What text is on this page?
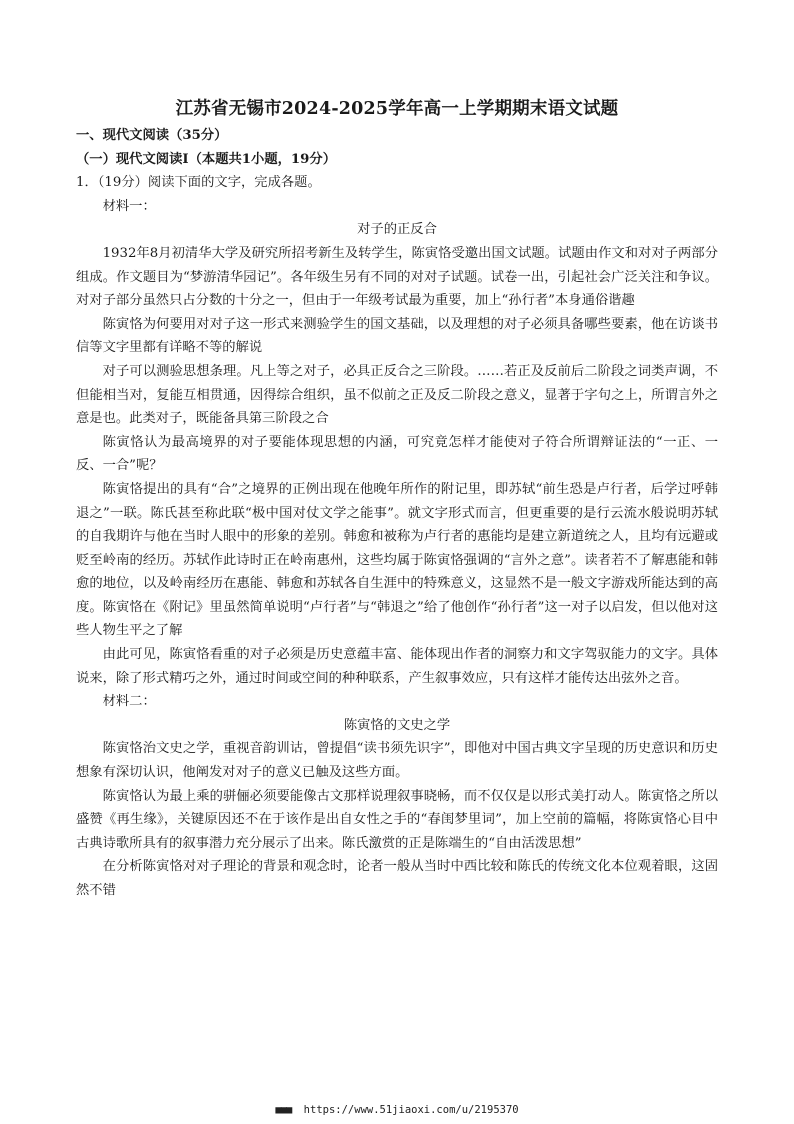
江苏省无锡市2024-2025学年高一上学期期末语文试题
一、现代文阅读（35分）
（一）现代文阅读Ⅰ（本题共1小题，19分）
1．（19分）阅读下面的文字，完成各题。
材料一：
对子的正反合

1932年8月初清华大学及研究所招考新生及转学生，陈寅恪受邀出国文试题。试题由作文和对对子两部分组成。作文题目为“梦游清华园记”。各年级生另有不同的对对子试题。试卷一出，引起社会广泛关注和争议。对对子部分虽然只占分数的十分之一，但由于一年级考试最为重要，加上“孙行者”本身通俗谐趣

陈寅恪为何要用对对子这一形式来测验学生的国文基础，以及理想的对子必须具备哪些要素，他在访谈书信等文字里都有详略不等的解说

对子可以测验思想条理。凡上等之对子，必具正反合之三阶段。……若正及反前后二阶段之词类声调，不但能相当对，复能互相贯通，因得综合组织，虽不似前之正及反二阶段之意义，显著于字句之上，所谓言外之意是也。此类对子，既能备具第三阶段之合

陈寅恪认为最高境界的对子要能体现思想的内涵，可究竟怎样才能使对子符合所谓辩证法的“一正、一反、一合”呢？

陈寅恪提出的具有“合”之境界的正例出现在他晚年所作的附记里，即苏轼“前生恐是卢行者，后学过呼韩退之”一联。陈氏甚至称此联“极中国对仗文学之能事”。就文字形式而言，但更重要的是行云流水般说明苏轼的自我期许与他在当时人眼中的形象的差别。韩愈和被称为卢行者的惠能均是建立新道统之人，且均有远避或贬至岭南的经历。苏轼作此诗时正在岭南惠州，这些均属于陈寅恪强调的“言外之意”。读者若不了解惠能和韩愈的地位，以及岭南经历在惠能、韩愈和苏轼各自生涯中的特殊意义，这显然不是一般文字游戏所能达到的高度。陈寅恪在《附记》里虽然简单说明“卢行者”与“韩退之”给了他创作“孙行者”这一对子以启发，但以他对这些人物生平之了解

由此可见，陈寅恪看重的对子必须是历史意蕴丰富、能体现出作者的洞察力和文字驾驭能力的文字。具体说来，除了形式精巧之外，通过时间或空间的种种联系，产生叙事效应，只有这样才能传达出弦外之音。

材料二：
陈寅恪的文史之学

陈寅恪治文史之学，重视音韵训诂，曾提倡“读书须先识字”，即他对中国古典文字呈现的历史意识和历史想象有深切认识，他阐发对对子的意义已触及这些方面。

陈寅恪认为最上乘的骈俪必须要能像古文那样说理叙事晓畅，而不仅仅是以形式美打动人。陈寅恪之所以盛赞《再生缘》，关键原因还不在于该作是出自女性之手的“春闺梦里词”，加上空前的篇幅，将陈寅恪心目中古典诗歌所具有的叙事潜力充分展示了出来。陈氏激赏的正是陈端生的“自由活泼思想”

在分析陈寅恪对对子理论的背景和观念时，论者一般从当时中西比较和陈氏的传统文化本位观着眼，这固然不错

■■■ https://www.51jiaoxi.com/u/2195370
